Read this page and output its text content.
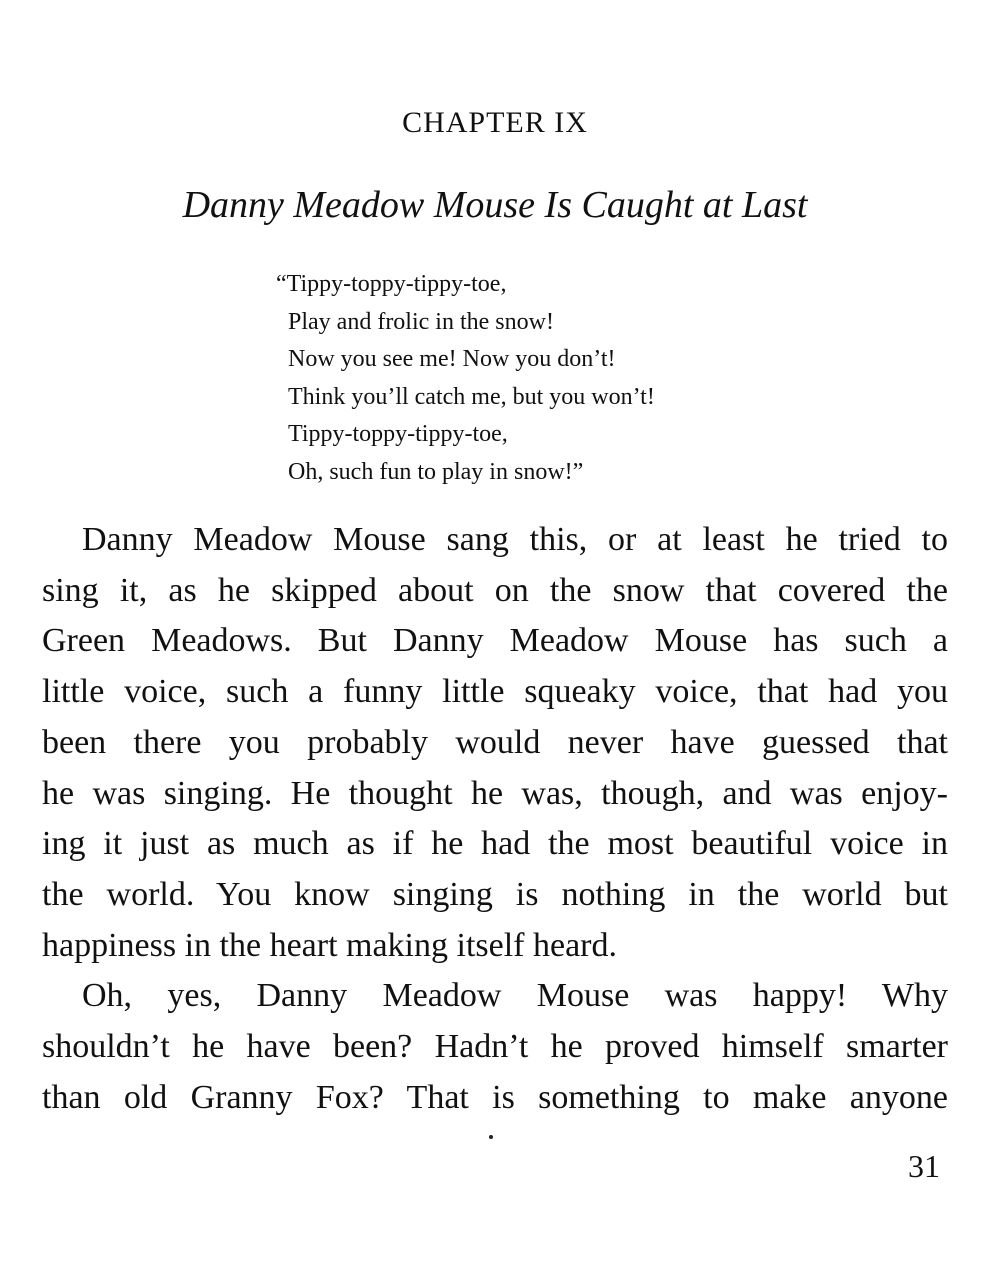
CHAPTER IX
Danny Meadow Mouse Is Caught at Last
“Tippy-toppy-tippy-toe,
Play and frolic in the snow!
Now you see me! Now you don’t!
Think you’ll catch me, but you won’t!
Tippy-toppy-tippy-toe,
Oh, such fun to play in snow!”
Danny Meadow Mouse sang this, or at least he tried to
sing it, as he skipped about on the snow that covered the
Green Meadows. But Danny Meadow Mouse has such a
little voice, such a funny little squeaky voice, that had you
been there you probably would never have guessed that
he was singing. He thought he was, though, and was enjoy-
ing it just as much as if he had the most beautiful voice in
the world. You know singing is nothing in the world but
happiness in the heart making itself heard.
Oh, yes, Danny Meadow Mouse was happy! Why
shouldn’t he have been? Hadn’t he proved himself smarter
than old Granny Fox? That is something to make anyone
31
